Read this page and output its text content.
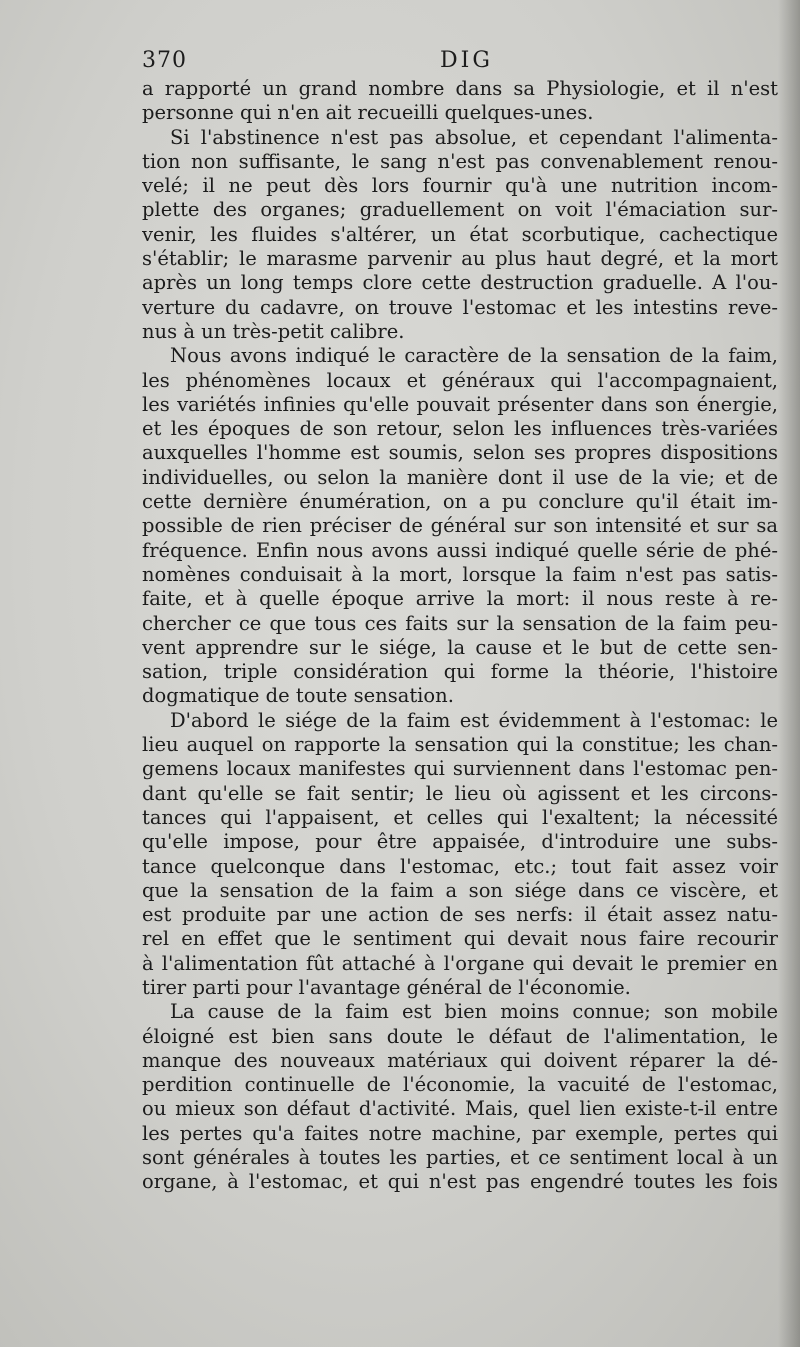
370	DIG
a rapporté un grand nombre dans sa Physiologie, et il n'est
personne qui n'en ait recueilli quelques-unes.
Si l'abstinence n'est pas absolue, et cependant l'alimenta-
tion non suffisante, le sang n'est pas convenablement renou-
velé; il ne peut dès lors fournir qu'à une nutrition incom-
plette des organes; graduellement on voit l'émaciation sur-
venir, les fluides s'altérer, un état scorbutique, cachectique
s'établir; le marasme parvenir au plus haut degré, et la mort
après un long temps clore cette destruction graduelle. A l'ou-
verture du cadavre, on trouve l'estomac et les intestins reve-
nus à un très-petit calibre.
Nous avons indiqué le caractère de la sensation de la faim,
les phénomènes locaux et généraux qui l'accompagnaient,
les variétés infinies qu'elle pouvait présenter dans son énergie,
et les époques de son retour, selon les influences très-variées
auxquelles l'homme est soumis, selon ses propres dispositions
individuelles, ou selon la manière dont il use de la vie; et de
cette dernière énumération, on a pu conclure qu'il était im-
possible de rien préciser de général sur son intensité et sur sa
fréquence. Enfin nous avons aussi indiqué quelle série de phé-
nomènes conduisait à la mort, lorsque la faim n'est pas satis-
faite, et à quelle époque arrive la mort: il nous reste à re-
chercher ce que tous ces faits sur la sensation de la faim peu-
vent apprendre sur le siége, la cause et le but de cette sen-
sation, triple considération qui forme la théorie, l'histoire
dogmatique de toute sensation.
D'abord le siége de la faim est évidemment à l'estomac: le
lieu auquel on rapporte la sensation qui la constitue; les chan-
gemens locaux manifestes qui surviennent dans l'estomac pen-
dant qu'elle se fait sentir; le lieu où agissent et les circons-
tances qui l'appaisent, et celles qui l'exaltent; la nécessité
qu'elle impose, pour être appaisée, d'introduire une subs-
tance quelconque dans l'estomac, etc.; tout fait assez voir
que la sensation de la faim a son siége dans ce viscère, et
est produite par une action de ses nerfs: il était assez natu-
rel en effet que le sentiment qui devait nous faire recourir
à l'alimentation fût attaché à l'organe qui devait le premier en
tirer parti pour l'avantage général de l'économie.
La cause de la faim est bien moins connue; son mobile
éloigné est bien sans doute le défaut de l'alimentation, le
manque des nouveaux matériaux qui doivent réparer la dé-
perdition continuelle de l'économie, la vacuité de l'estomac,
ou mieux son défaut d'activité. Mais, quel lien existe-t-il entre
les pertes qu'a faites notre machine, par exemple, pertes qui
sont générales à toutes les parties, et ce sentiment local à un
organe, à l'estomac, et qui n'est pas engendré toutes les fois
